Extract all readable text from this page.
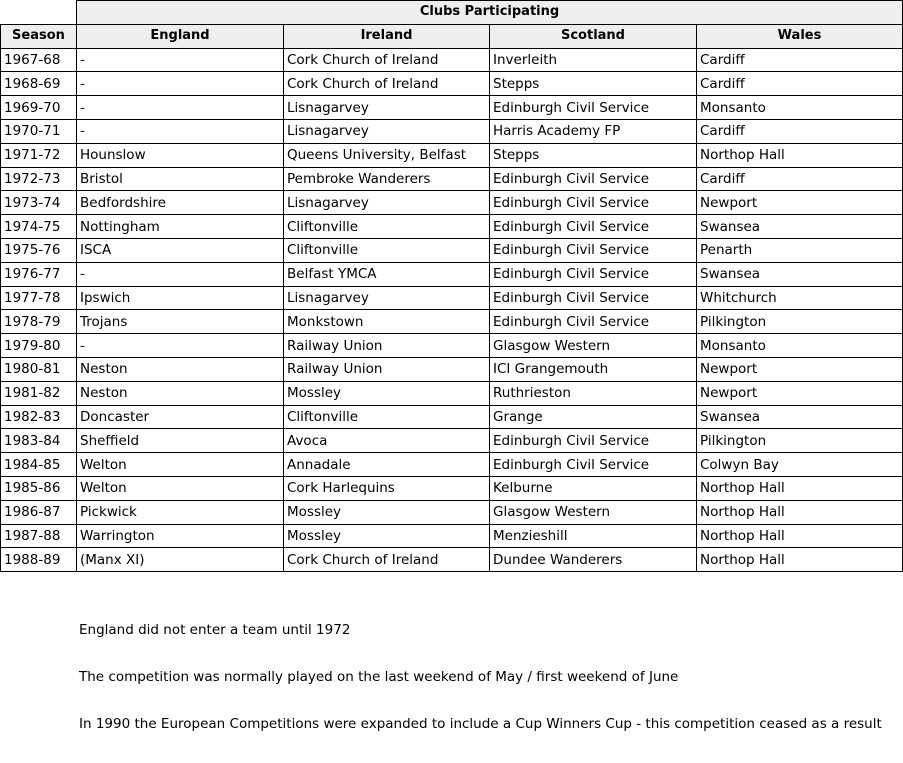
	Clubs Participating			
Season	England	Ireland	Scotland	Wales
1967-68	-	Cork Church of Ireland	Inverleith	Cardiff
1968-69	-	Cork Church of Ireland	Stepps	Cardiff
1969-70	-	Lisnagarvey	Edinburgh Civil Service	Monsanto
1970-71	-	Lisnagarvey	Harris Academy FP	Cardiff
1971-72	Hounslow	Queens University, Belfast	Stepps	Northop Hall
1972-73	Bristol	Pembroke Wanderers	Edinburgh Civil Service	Cardiff
1973-74	Bedfordshire	Lisnagarvey	Edinburgh Civil Service	Newport
1974-75	Nottingham	Cliftonville	Edinburgh Civil Service	Swansea
1975-76	ISCA	Cliftonville	Edinburgh Civil Service	Penarth
1976-77	-	Belfast YMCA	Edinburgh Civil Service	Swansea
1977-78	Ipswich	Lisnagarvey	Edinburgh Civil Service	Whitchurch
1978-79	Trojans	Monkstown	Edinburgh Civil Service	Pilkington
1979-80	-	Railway Union	Glasgow Western	Monsanto
1980-81	Neston	Railway Union	ICI Grangemouth	Newport
1981-82	Neston	Mossley	Ruthrieston	Newport
1982-83	Doncaster	Cliftonville	Grange	Swansea
1983-84	Sheffield	Avoca	Edinburgh Civil Service	Pilkington
1984-85	Welton	Annadale	Edinburgh Civil Service	Colwyn Bay
1985-86	Welton	Cork Harlequins	Kelburne	Northop Hall
1986-87	Pickwick	Mossley	Glasgow Western	Northop Hall
1987-88	Warrington	Mossley	Menzieshill	Northop Hall
1988-89	(Manx XI)	Cork Church of Ireland	Dundee Wanderers	Northop Hall

England did not enter a team until 1972

The competition was normally played on the last weekend of May / first weekend of June

In 1990 the European Competitions were expanded to include a Cup Winners Cup - this competition ceased as a result
